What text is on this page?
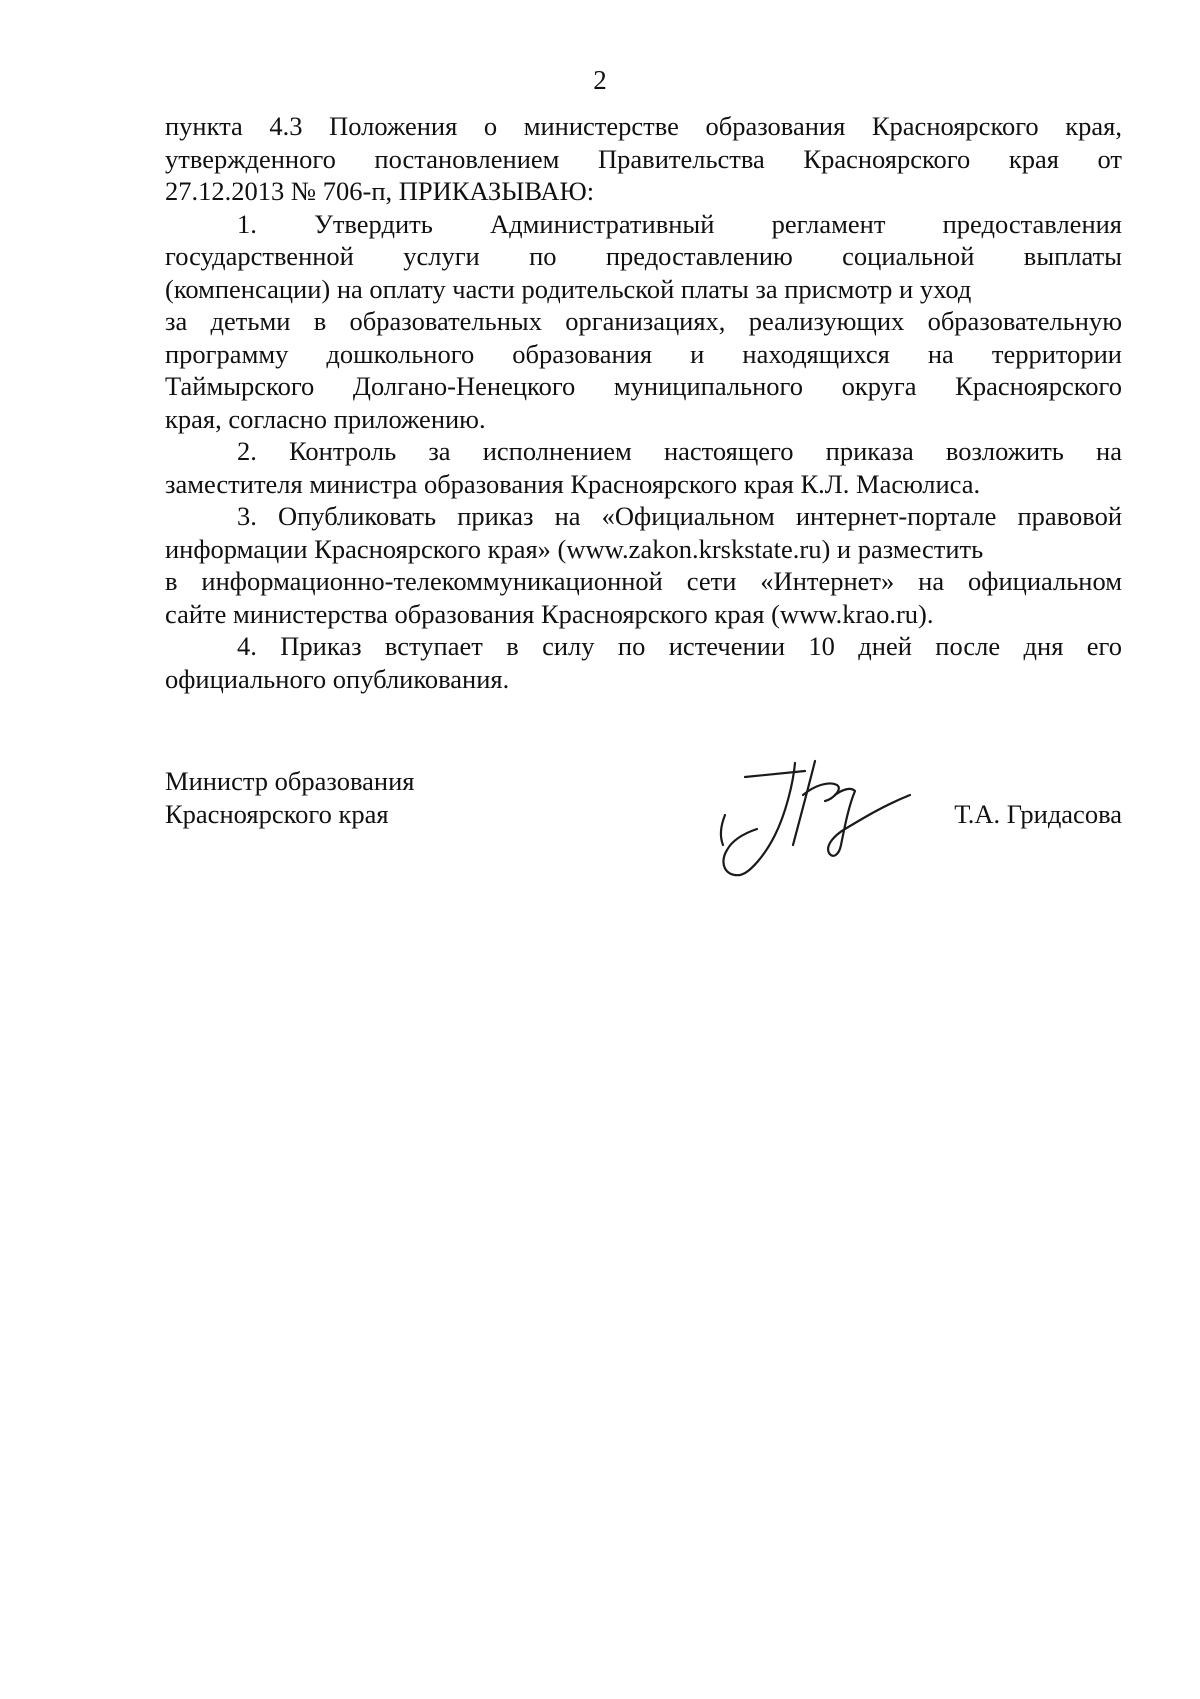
2

пункта 4.3 Положения о министерстве образования Красноярского края,
утвержденного постановлением Правительства Красноярского края от
27.12.2013 № 706-п, ПРИКАЗЫВАЮ:

1. Утвердить Административный регламент предоставления
государственной услуги по предоставлению социальной выплаты
(компенсации) на оплату части родительской платы за присмотр и уход
за детьми в образовательных организациях, реализующих образовательную
программу дошкольного образования и находящихся на территории
Таймырского Долгано-Ненецкого муниципального округа Красноярского
края, согласно приложению.

2. Контроль за исполнением настоящего приказа возложить на
заместителя министра образования Красноярского края К.Л. Масюлиса.

3. Опубликовать приказ на «Официальном интернет-портале правовой
информации Красноярского края» (www.zakon.krskstate.ru) и разместить
в информационно-телекоммуникационной сети «Интернет» на официальном
сайте министерства образования Красноярского края (www.krao.ru).

4. Приказ вступает в силу по истечении 10 дней после дня его
официального опубликования.

Министр образования
Красноярского края	Т.А. Гридасова
